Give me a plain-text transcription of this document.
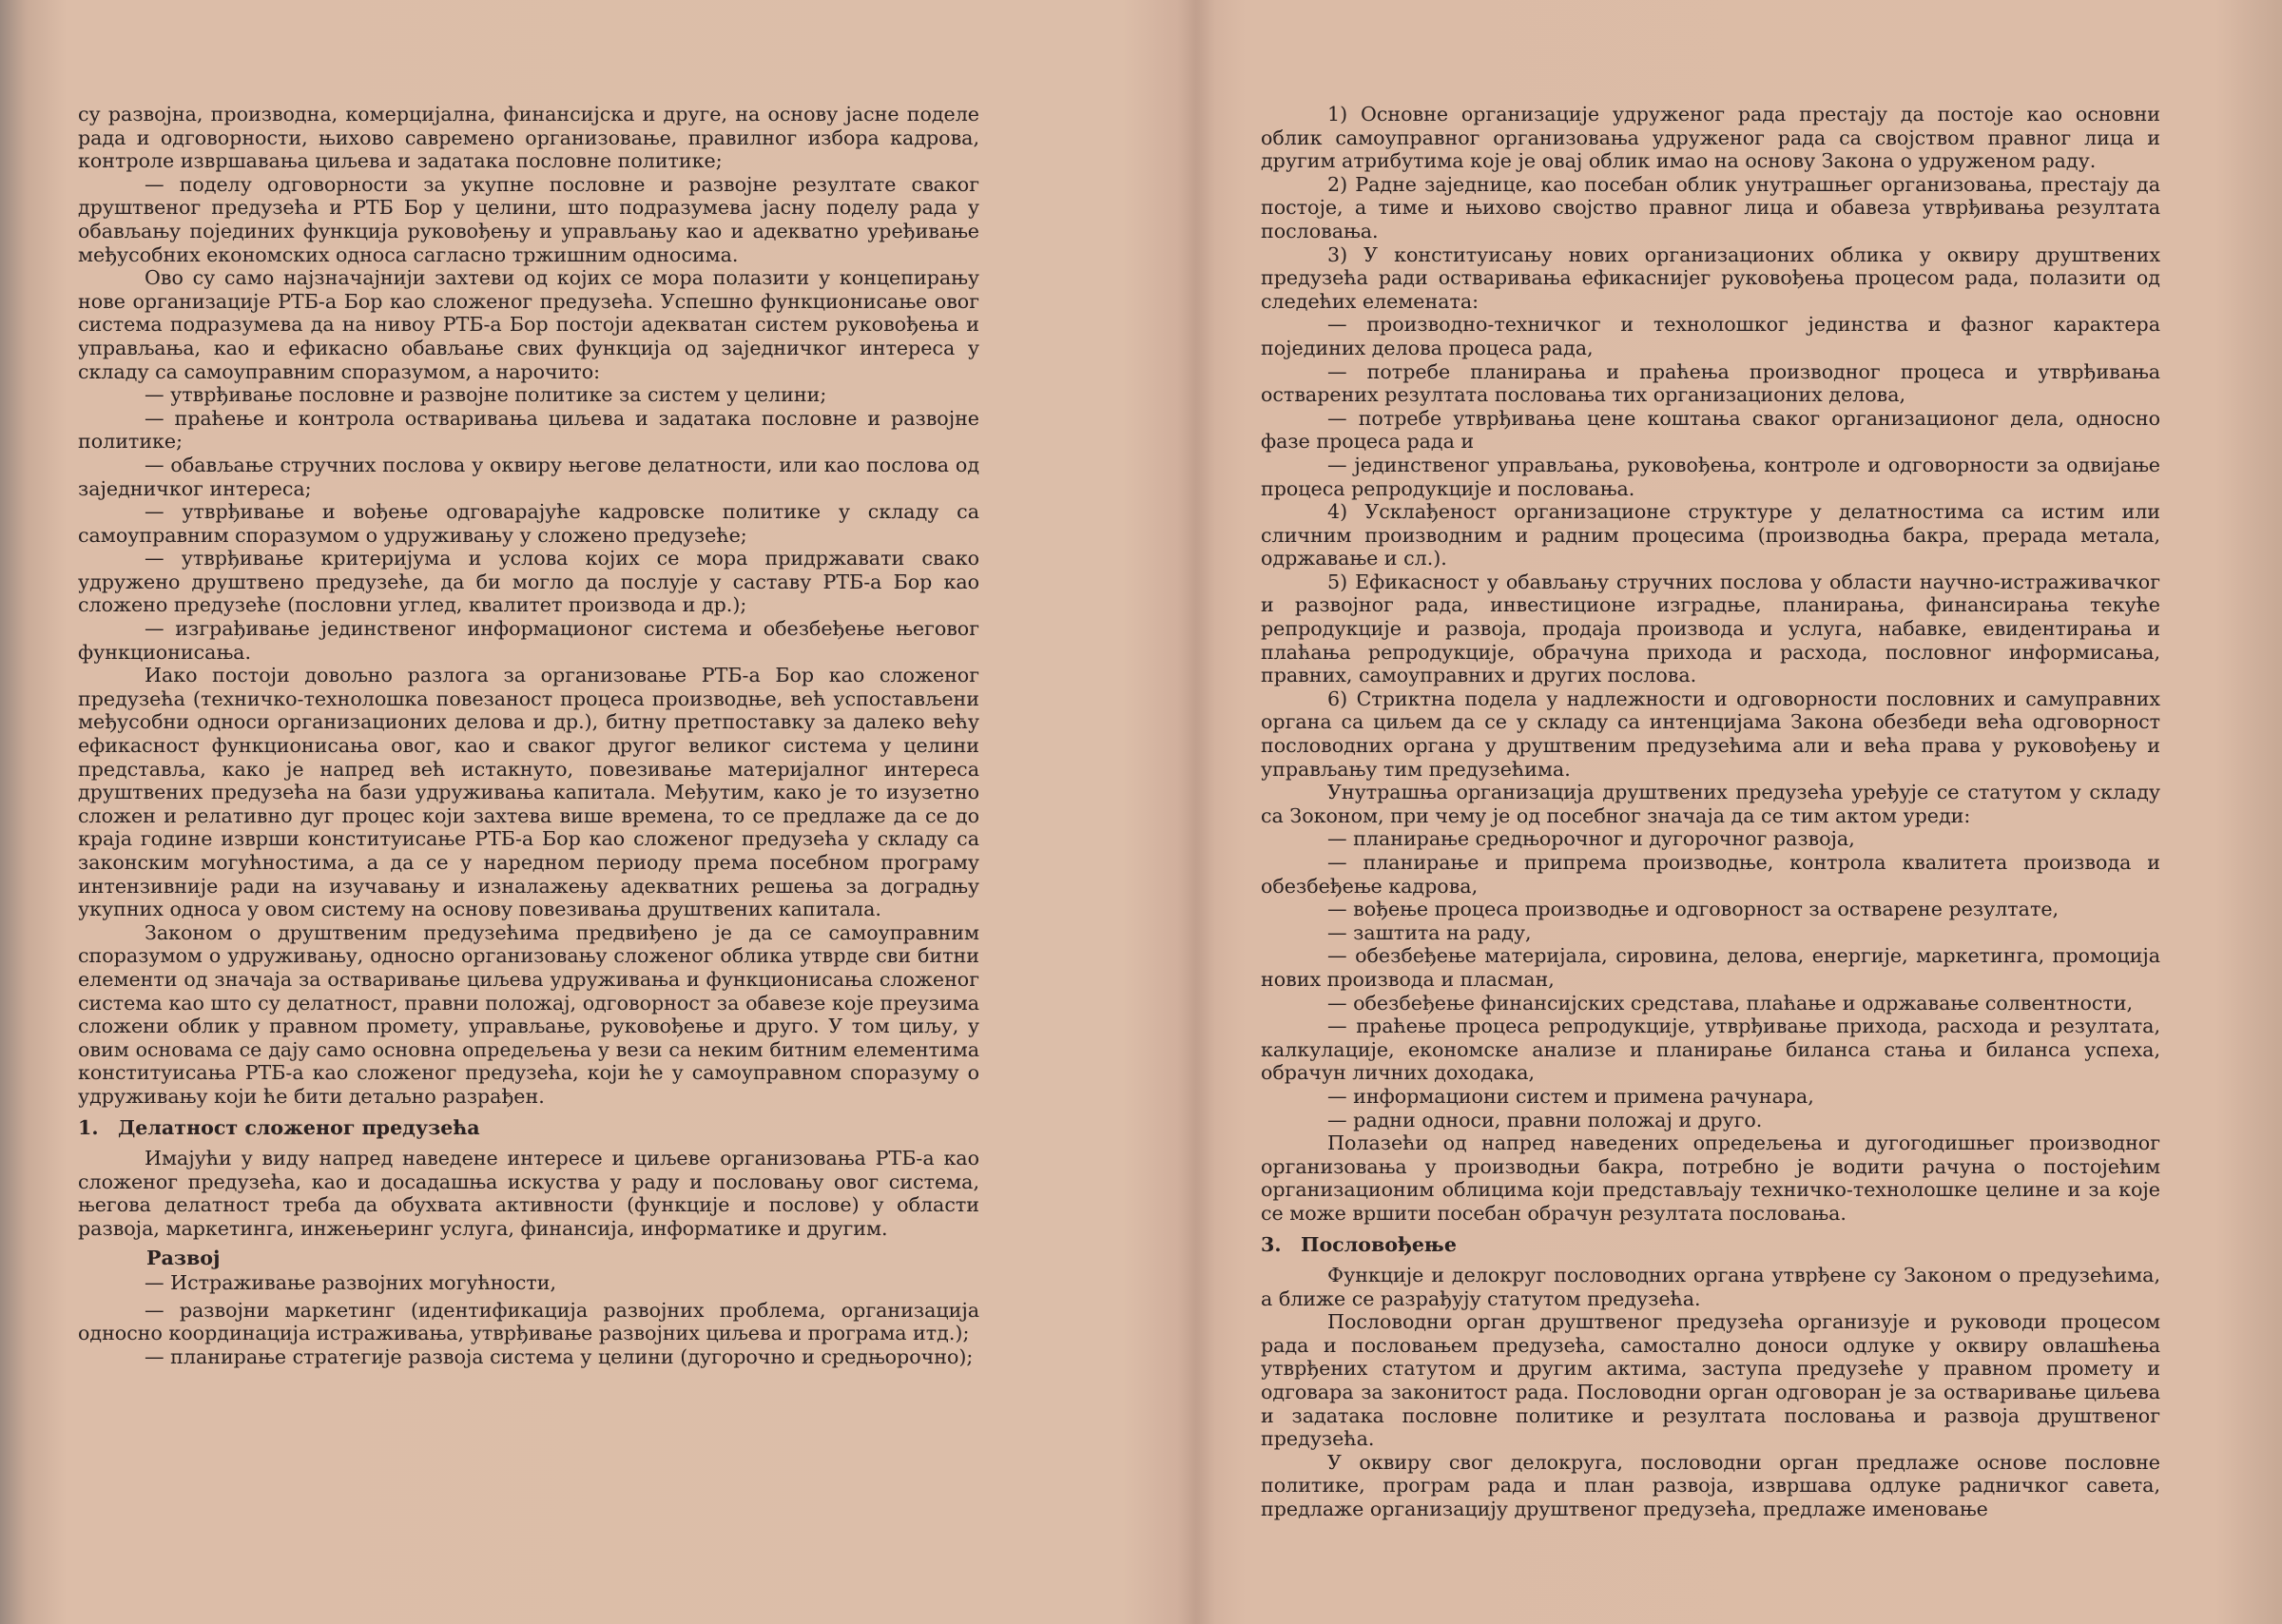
су развојна, производна, комерцијална, финансијска и друге, на основу јасне поделе рада и одговорности, њихово савремено организовање, правилног избора кадрова, контроле извршавања циљева и задатака пословне политике;

— поделу одговорности за укупне пословне и развојне резултате сваког друштвеног предузећа и РТБ Бор у целини, што подразумева јасну поделу рада у обављању појединих функција руковођењу и управљању као и адекватно уређивање међусобних економских односа сагласно тржишним односима.

Ово су само најзначајнији захтеви од којих се мора полазити у концепирању нове организације РТБ-а Бор као сложеног предузећа. Успешно функционисање овог система подразумева да на нивоу РТБ-а Бор постоји адекватан систем руковођења и управљања, као и ефикасно обављање свих функција од заједничког интереса у складу са самоуправним споразумом, а нарочито:

— утврђивање пословне и развојне политике за систем у целини;

— праћење и контрола остваривања циљева и задатака пословне и развојне политике;

— обављање стручних послова у оквиру његове делатности, или као послова од заједничког интереса;

— утврђивање и вођење одговарајуће кадровске политике у складу са самоуправним споразумом о удруживању у сложено предузеће;

— утврђивање критеријума и услова којих се мора придржавати свако удружено друштвено предузеће, да би могло да послује у саставу РТБ-а Бор као сложено предузеће (пословни углед, квалитет производа и др.);

— изграђивање јединственог информационог система и обезбеђење његовог функционисања.

Иако постоји довољно разлога за организовање РТБ-а Бор као сложеног предузећа (техничко-технолошка повезаност процеса производње, већ успостављени међусобни односи организационих делова и др.), битну претпоставку за далеко већу ефикасност функционисања овог, као и сваког другог великог система у целини представља, како је напред већ истакнуто, повезивање материјалног интереса друштвених предузећа на бази удруживања капитала. Међутим, како је то изузетно сложен и релативно дуг процес који захтева више времена, то се предлаже да се до краја године изврши конституисање РТБ-а Бор као сложеног предузећа у складу са законским могућностима, а да се у наредном периоду према посебном програму интензивније ради на изучавању и изналажењу адекватних решења за доградњу укупних односа у овом систему на основу повезивања друштвених капитала.

Законом о друштвеним предузећима предвиђено је да се самоуправним споразумом о удруживању, односно организовању сложеног облика утврде сви битни елементи од значаја за остваривање циљева удруживања и функционисања сложеног система као што су делатност, правни положај, одговорност за обавезе које преузима сложени облик у правном промету, управљање, руковођење и друго. У том циљу, у овим основама се дају само основна опредељења у вези са неким битним елементима конституисања РТБ-а као сложеног предузећа, који ће у самоуправном споразуму о удруживању који ће бити детаљно разрађен.

1. Делатност сложеног предузећа

Имајући у виду напред наведене интересе и циљеве организовања РТБ-а као сложеног предузећа, као и досадашња искуства у раду и пословању овог система, његова делатност треба да обухвата активности (функције и послове) у области развоја, маркетинга, инжењеринг услуга, финансија, информатике и другим.

Развој

— Истраживање развојних могућности,

— развојни маркетинг (идентификација развојних проблема, организација односно координација истраживања, утврђивање развојних циљева и програма итд.);

— планирање стратегије развоја система у целини (дугорочно и средњорочно);

1) Основне организације удруженог рада престају да постоје као основни облик самоуправног организовања удруженог рада са својством правног лица и другим атрибутима које је овај облик имао на основу Закона о удруженом раду.

2) Радне заједнице, као посебан облик унутрашњег организовања, престају да постоје, а тиме и њихово својство правног лица и обавеза утврђивања резултата пословања.

3) У конституисању нових организационих облика у оквиру друштвених предузећа ради остваривања ефикаснијег руковођења процесом рада, полазити од следећих елемената:

— производно-техничког и технолошког јединства и фазног карактера појединих делова процеса рада,

— потребе планирања и праћења производног процеса и утврђивања остварених резултата пословања тих организационих делова,

— потребе утврђивања цене коштања сваког организационог дела, односно фазе процеса рада и

— јединственог управљања, руковођења, контроле и одговорности за одвијање процеса репродукције и пословања.

4) Усклађеност организационе структуре у делатностима са истим или сличним производним и радним процесима (производња бакра, прерада метала, одржавање и сл.).

5) Ефикасност у обављању стручних послова у области научно-истраживачког и развојног рада, инвестиционе изградње, планирања, финансирања текуће репродукције и развоја, продаја производа и услуга, набавке, евидентирања и плаћања репродукције, обрачуна прихода и расхода, пословног информисања, правних, самоуправних и других послова.

6) Стриктна подела у надлежности и одговорности пословних и самуправних органа са циљем да се у складу са интенцијама Закона обезбеди већа одговорност пословодних органа у друштвеним предузећима али и већа права у руковођењу и управљању тим предузећима.

Унутрашња организација друштвених предузећа уређује се статутом у складу са Зоконом, при чему је од посебног значаја да се тим актом уреди:

— планирање средњорочног и дугорочног развоја,

— планирање и припрема производње, контрола квалитета производа и обезбеђење кадрова,

— вођење процеса производње и одговорност за остварене резултате,

— заштита на раду,

— обезбеђење материјала, сировина, делова, енергије, маркетинга, промоција нових производа и пласман,

— обезбеђење финансијских средстава, плаћање и одржавање солвентности,

— праћење процеса репродукције, утврђивање прихода, расхода и резултата, калкулације, економске анализе и планирање биланса стања и биланса успеха, обрачун личних доходака,

— информациони систем и примена рачунара,

— радни односи, правни положај и друго.

Полазећи од напред наведених опредељења и дугогодишњег производног организовања у производњи бакра, потребно је водити рачуна о постојећим организационим облицима који представљају техничко-технолошке целине и за које се може вршити посебан обрачун резултата пословања.

3. Пословођење

Функције и делокруг пословодних органа утврђене су Законом о предузећима, а ближе се разрађују статутом предузећа.

Пословодни орган друштвеног предузећа организује и руководи процесом рада и пословањем предузећа, самостално доноси одлуке у оквиру овлашћења утврђених статутом и другим актима, заступа предузеће у правном промету и одговара за законитост рада. Пословодни орган одговоран је за остваривање циљева и задатака пословне политике и резултата пословања и развоја друштвеног предузећа.

У оквиру свог делокруга, пословодни орган предлаже основе пословне политике, програм рада и план развоја, извршава одлуке радничког савета, предлаже организацију друштвеног предузећа, предлаже именовање
